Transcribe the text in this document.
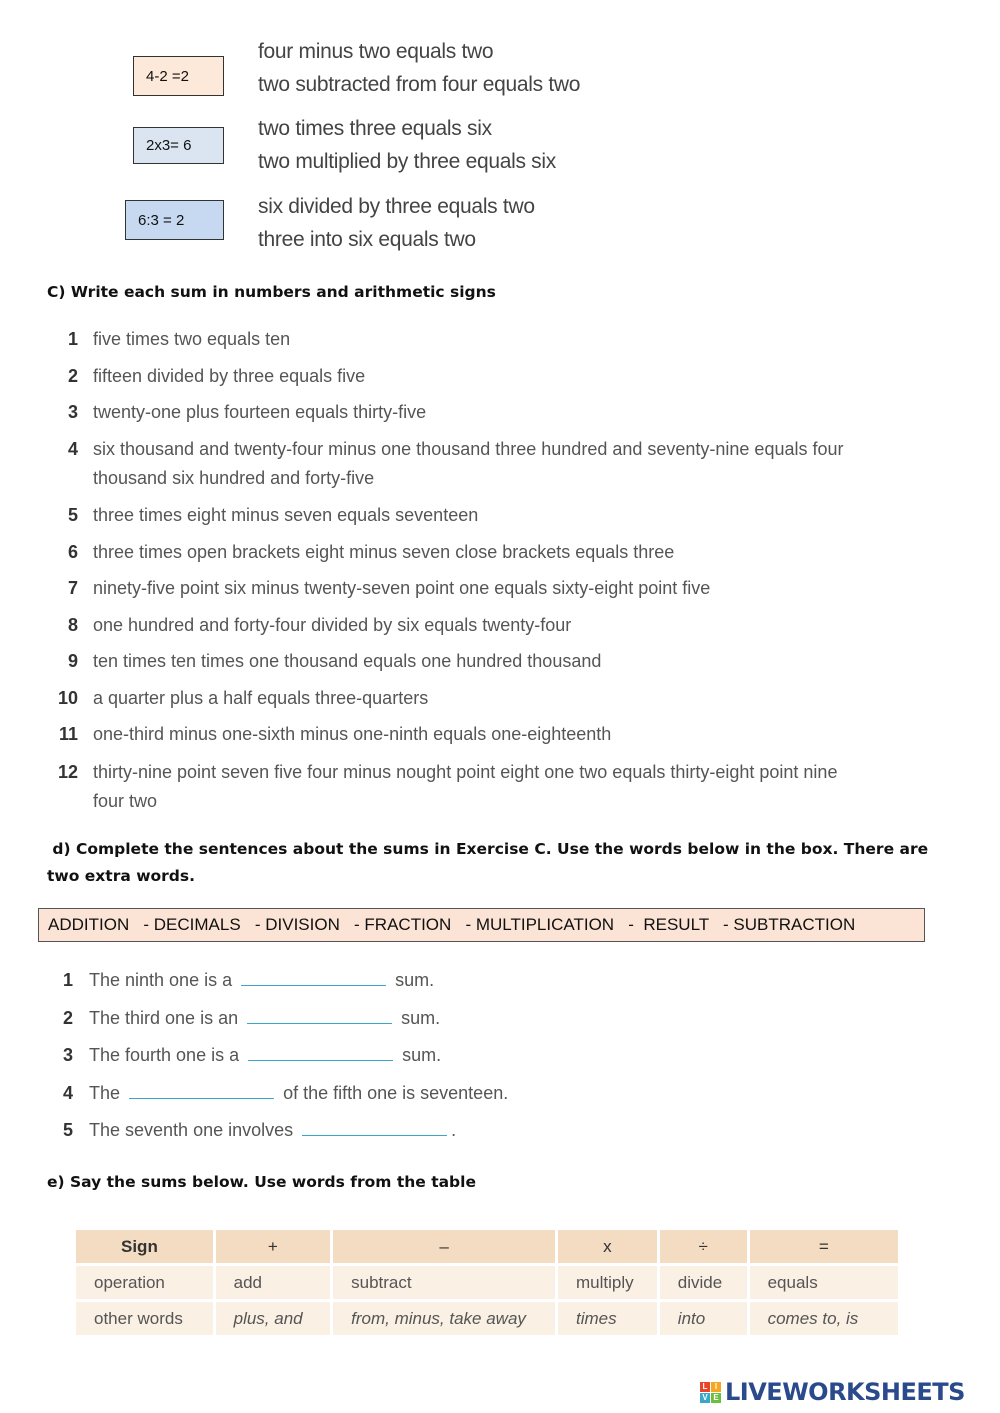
4-2 =2
four minus two equals two
two subtracted from four equals two
2x3= 6
two times three equals six
two multiplied by three equals six
6:3 = 2
six divided by three equals two
three into six equals two
C) Write each sum in numbers and arithmetic signs
1 five times two equals ten
2 fifteen divided by three equals five
3 twenty-one plus fourteen equals thirty-five
4 six thousand and twenty-four minus one thousand three hundred and seventy-nine equals four
thousand six hundred and forty-five
5 three times eight minus seven equals seventeen
6 three times open brackets eight minus seven close brackets equals three
7 ninety-five point six minus twenty-seven point one equals sixty-eight point five
8 one hundred and forty-four divided by six equals twenty-four
9 ten times ten times one thousand equals one hundred thousand
10 a quarter plus a half equals three-quarters
11 one-third minus one-sixth minus one-ninth equals one-eighteenth
12 thirty-nine point seven five four minus nought point eight one two equals thirty-eight point nine
four two
d) Complete the sentences about the sums in Exercise C. Use the words below in the box. There are
two extra words.
ADDITION   - DECIMALS   - DIVISION   - FRACTION   - MULTIPLICATION   -  RESULT   - SUBTRACTION
1 The ninth one is a	sum.
2 The third one is an	sum.
3 The fourth one is a	sum.
4 The	of the fifth one is seventeen.
5 The seventh one involves	.
e) Say the sums below. Use words from the table
Sign	+	–	x	÷	=
operation	add	subtract	multiply	divide	equals
other words	plus, and	from, minus, take away	times	into	comes to, is
L I
V E LIVEWORKSHEETS
